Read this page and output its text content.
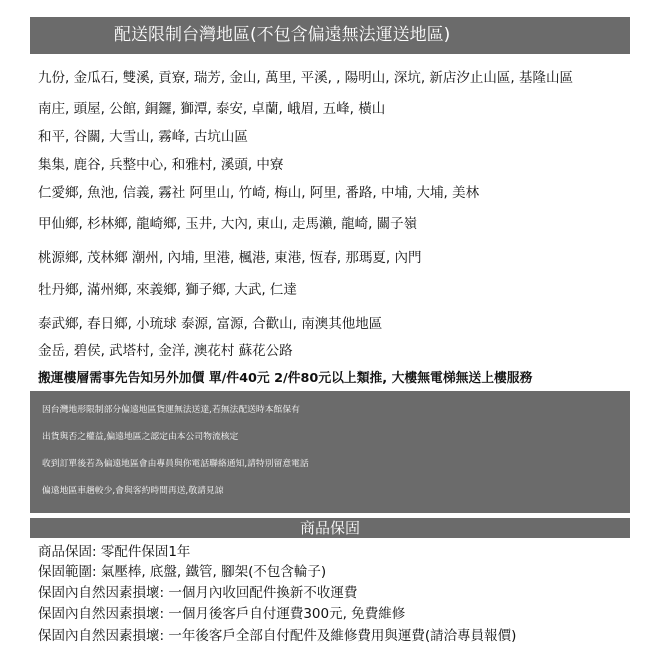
配送限制台灣地區(不包含偏遠無法運送地區)
九份, 金瓜石, 雙溪, 貢寮, 瑞芳, 金山, 萬里, 平溪, , 陽明山, 深坑, 新店汐止山區, 基隆山區
南庄, 頭屋, 公館, 銅鑼, 獅潭, 泰安, 卓蘭, 峨眉, 五峰, 橫山
和平, 谷關, 大雪山, 霧峰, 古坑山區
集集, 鹿谷, 兵整中心, 和雅村, 溪頭, 中寮
仁愛鄉, 魚池, 信義, 霧社 阿里山, 竹崎, 梅山, 阿里, 番路, 中埔, 大埔, 美林
甲仙鄉, 杉林鄉, 龍崎鄉, 玉井, 大內, 東山, 走馬瀨, 龍崎, 關子嶺
桃源鄉, 茂林鄉 潮州, 內埔, 里港, 楓港, 東港, 恆春, 那瑪夏, 內門
牡丹鄉, 滿州鄉, 來義鄉, 獅子鄉, 大武, 仁達
泰武鄉, 春日鄉, 小琉球 泰源, 富源, 合歡山, 南澳其他地區
金岳, 碧侯, 武塔村, 金洋, 澳花村 蘇花公路
搬運樓層需事先告知另外加價 單/件40元 2/件80元以上類推, 大樓無電梯無送上樓服務
因台灣地形限制部分偏遠地區貨運無法送達,若無法配送時本館保有
出貨與否之權益,偏遠地區之認定由本公司物流核定
收到訂單後若為偏遠地區會由專員與你電話聯絡通知,請特別留意電話
偏遠地區車趟較少,會與客約時間再送,敬請見諒
商品保固
商品保固: 零配件保固1年
保固範圍: 氣壓棒, 底盤, 鐵管, 腳架(不包含輪子)
保固內自然因素損壞: 一個月內收回配件換新不收運費
保固內自然因素損壞: 一個月後客戶自付運費300元, 免費維修
保固內自然因素損壞: 一年後客戶全部自付配件及維修費用與運費(請洽專員報價)
